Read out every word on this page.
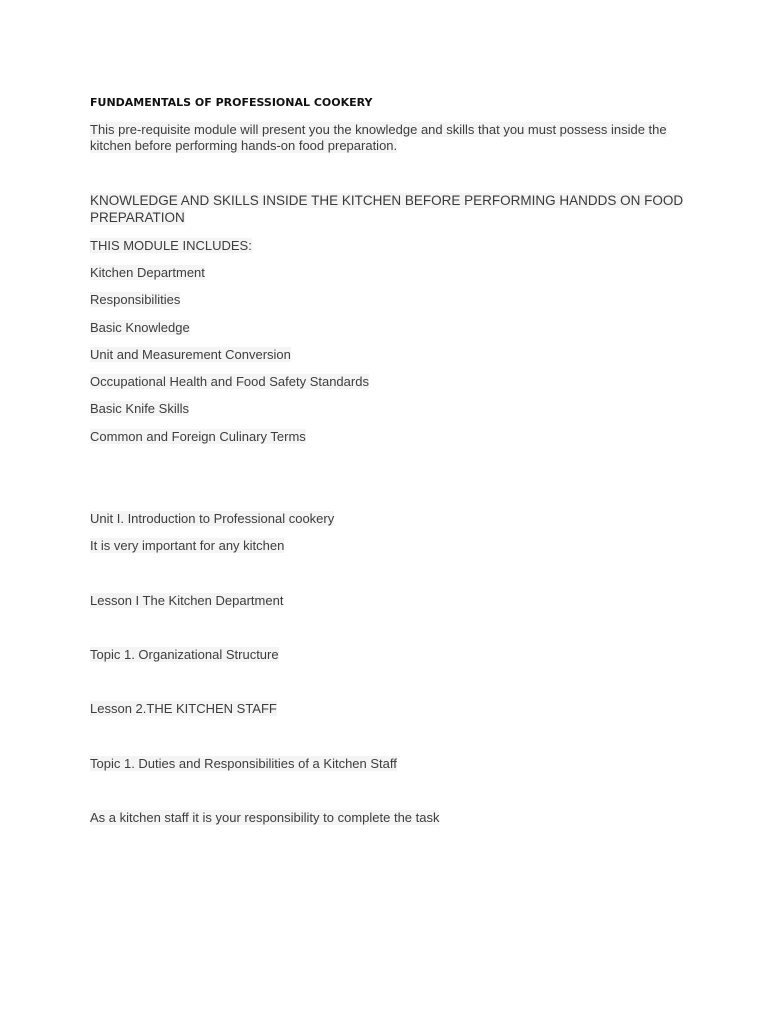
FUNDAMENTALS OF PROFESSIONAL COOKERY
This pre-requisite module will present you the knowledge and skills that you must possess inside the kitchen before performing hands-on food preparation.
KNOWLEDGE AND SKILLS INSIDE THE KITCHEN BEFORE PERFORMING HANDDS ON FOOD PREPARATION
THIS MODULE INCLUDES:
Kitchen Department
Responsibilities
Basic Knowledge
Unit and Measurement Conversion
Occupational Health and Food Safety Standards
Basic Knife Skills
Common and Foreign Culinary Terms
Unit I. Introduction to Professional cookery
It is very important for any kitchen
Lesson I The Kitchen Department
Topic 1. Organizational Structure
Lesson 2.THE KITCHEN STAFF
Topic 1. Duties and Responsibilities of a Kitchen Staff
As a kitchen staff it is your responsibility to complete the task
